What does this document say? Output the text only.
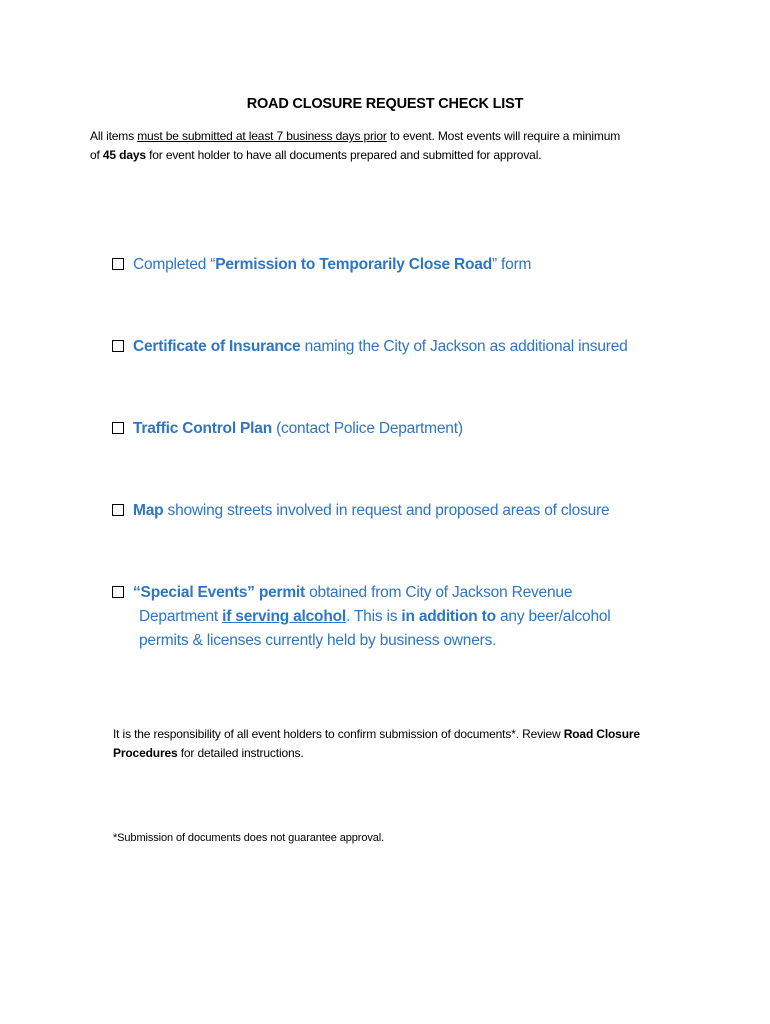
ROAD CLOSURE REQUEST CHECK LIST
All items must be submitted at least 7 business days prior to event. Most events will require a minimum
of 45 days for event holder to have all documents prepared and submitted for approval.
Completed “Permission to Temporarily Close Road” form
Certificate of Insurance naming the City of Jackson as additional insured
Traffic Control Plan (contact Police Department)
Map showing streets involved in request and proposed areas of closure
“Special Events” permit obtained from City of Jackson Revenue
Department if serving alcohol. This is in addition to any beer/alcohol
permits & licenses currently held by business owners.
It is the responsibility of all event holders to confirm submission of documents*. Review Road Closure Procedures for detailed instructions.
*Submission of documents does not guarantee approval.
